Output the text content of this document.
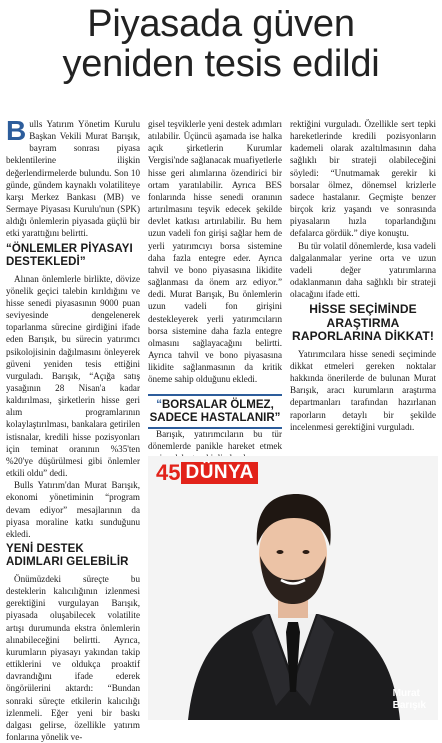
Piyasada güven
yeniden tesis edildi

Bulls Yatırım Yönetim Kurulu Başkan Vekili Murat Barışık, bayram sonrası piyasa beklentilerine ilişkin değerlendirmelerde bulundu. Son 10 günde, gündem kaynaklı volatiliteye karşı Merkez Bankası (MB) ve Sermaye Piyasası Kurulu'nun (SPK) aldığı önlemlerin piyasada güçlü bir etki yarattığını belirtti.

“ÖNLEMLER PİYASAYI DESTEKLEDİ”

Alınan önlemlerle birlikte, dövize yönelik geçici talebin kırıldığını ve hisse senedi piyasasının 9000 puan seviyesinde dengelenerek toparlanma sürecine girdiğini ifade eden Barışık, bu sürecin yatırımcı psikolojisinin dağılmasını önleyerek güveni yeniden tesis ettiğini vurguladı. Barışık, “Açığa satış yasağının 28 Nisan'a kadar kaldırılması, şirketlerin hisse geri alım programlarının kolaylaştırılması, bankalara getirilen istisnalar, kredili hisse pozisyonları için teminat oranının %35'ten %20'ye düşürülmesi gibi önlemler etkili oldu” dedi.

Bulls Yatırım'dan Murat Barışık, ekonomi yönetiminin “program devam ediyor” mesajlarının da piyasa moraline katkı sunduğunu ekledi.

YENİ DESTEK ADIMLARI GELEBİLİR

Önümüzdeki süreçte bu desteklerin kalıcılığının izlenmesi gerektiğini vurgulayan Barışık, piyasada oluşabilecek volatilite artışı durumunda ekstra önlemlerin alınabileceğini belirtti. Ayrıca, kurumların piyasayı yakından takip ettiklerini ve oldukça proaktif davrandığını ifade ederek öngörülerini aktardı: “Bundan sonraki süreçte etkilerin kalıcılığı izlenmeli. Eğer yeni bir baskı dalgası gelirse, özellikle yatırım fonlarına yönelik ve-

gisel teşviklerle yeni destek adımları atılabilir. Üçüncü aşamada ise halka açık şirketlerin Kurumlar Vergisi'nde sağlanacak muafiyetlerle hisse geri alımlarına özendirici bir ortam yaratılabilir. Ayrıca BES fonlarında hisse senedi oranının artırılmasını teşvik edecek şekilde devlet katkısı artırılabilir. Bu hem uzun vadeli fon girişi sağlar hem de yerli yatırımcıyı borsa sistemine daha fazla entegre eder. Ayrıca tahvil ve bono piyasasına likidite sağlanması da önem arz ediyor.” dedi. Murat Barışık, Bu önlemlerin uzun vadeli fon girişini destekleyerek yerli yatırımcıların borsa sistemine daha fazla entegre olmasını sağlayacağını belirtti. Ayrıca tahvil ve bono piyasasına likidite sağlanmasının da kritik öneme sahip olduğunu ekledi.

“BORSALAR ÖLMEZ, SADECE HASTALANIR”

Barışık, yatırımcıların bu tür dönemlerde panikle hareket etmek

rektiğini vurguladı. Özellikle sert tepki hareketlerinde kredili pozisyonların kademeli olarak azaltılmasının daha sağlıklı bir strateji olabileceğini söyledi: “Unutmamak gerekir ki borsalar ölmez, dönemsel krizlerle sadece hastalanır. Geçmişte benzer birçok kriz yaşandı ve sonrasında piyasaların hızla toparlandığını defalarca gördük.” diye konuştu.

Bu tür volatil dönemlerde, kısa vadeli dalgalanmalar yerine orta ve uzun vadeli değer yatırımlarına odaklanmanın daha sağlıklı bir strateji olacağını ifade etti.

HİSSE SEÇİMİNDE ARAŞTIRMA RAPORLARINA DİKKAT!

Yatırımcılara hisse senedi seçiminde dikkat etmeleri gereken noktalar hakkında önerilerde de bulunan Murat Barışık, aracı kurumların araştırma departmanları tarafından hazırlanan raporların detaylı bir şekilde incelenmesi gerektiğini vurguladı.

45 DÜNYA
Murat
Barışık
